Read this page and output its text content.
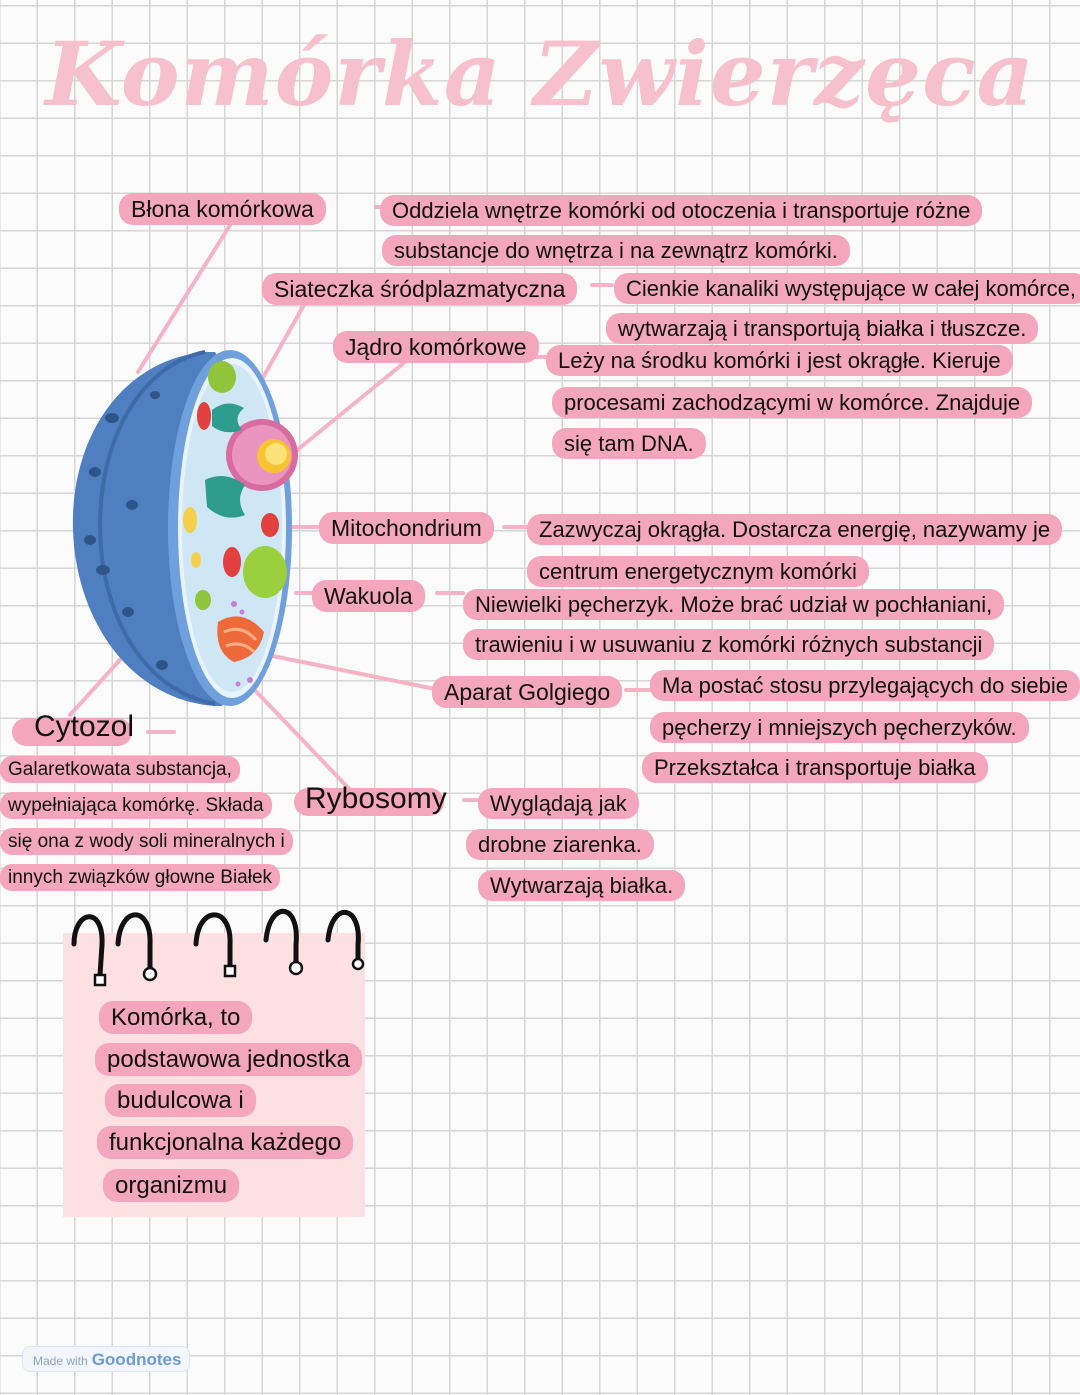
Komórka Zwierzęca
Błona komórkowa
Siateczka śródplazmatyczna
Jądro komórkowe
Mitochondrium
Wakuola
Aparat Golgiego
Cytozol
Rybosomy
Oddziela wnętrze komórki od otoczenia i transportuje różne
substancje do wnętrza i na zewnątrz komórki.
Cienkie kanaliki występujące w całej komórce,
wytwarzają i transportują białka i tłuszcze.
Leży na środku komórki i jest okrągłe. Kieruje
procesami zachodzącymi w komórce. Znajduje
się tam DNA.
Zazwyczaj okrągła. Dostarcza energię, nazywamy je
centrum energetycznym komórki
Niewielki pęcherzyk. Może brać udział w pochłaniani,
trawieniu i w usuwaniu z komórki różnych substancji
Ma postać stosu przylegających do siebie
pęcherzy i mniejszych pęcherzyków.
Przekształca i transportuje białka
Galaretkowata substancja,
wypełniająca komórkę. Składa
się ona z wody soli mineralnych i
innych związków głowne Białek
Wyglądają jak
drobne ziarenka.
Wytwarzają białka.
Komórka, to
podstawowa jednostka
budulcowa i
funkcjonalna każdego
organizmu
Made with Goodnotes
